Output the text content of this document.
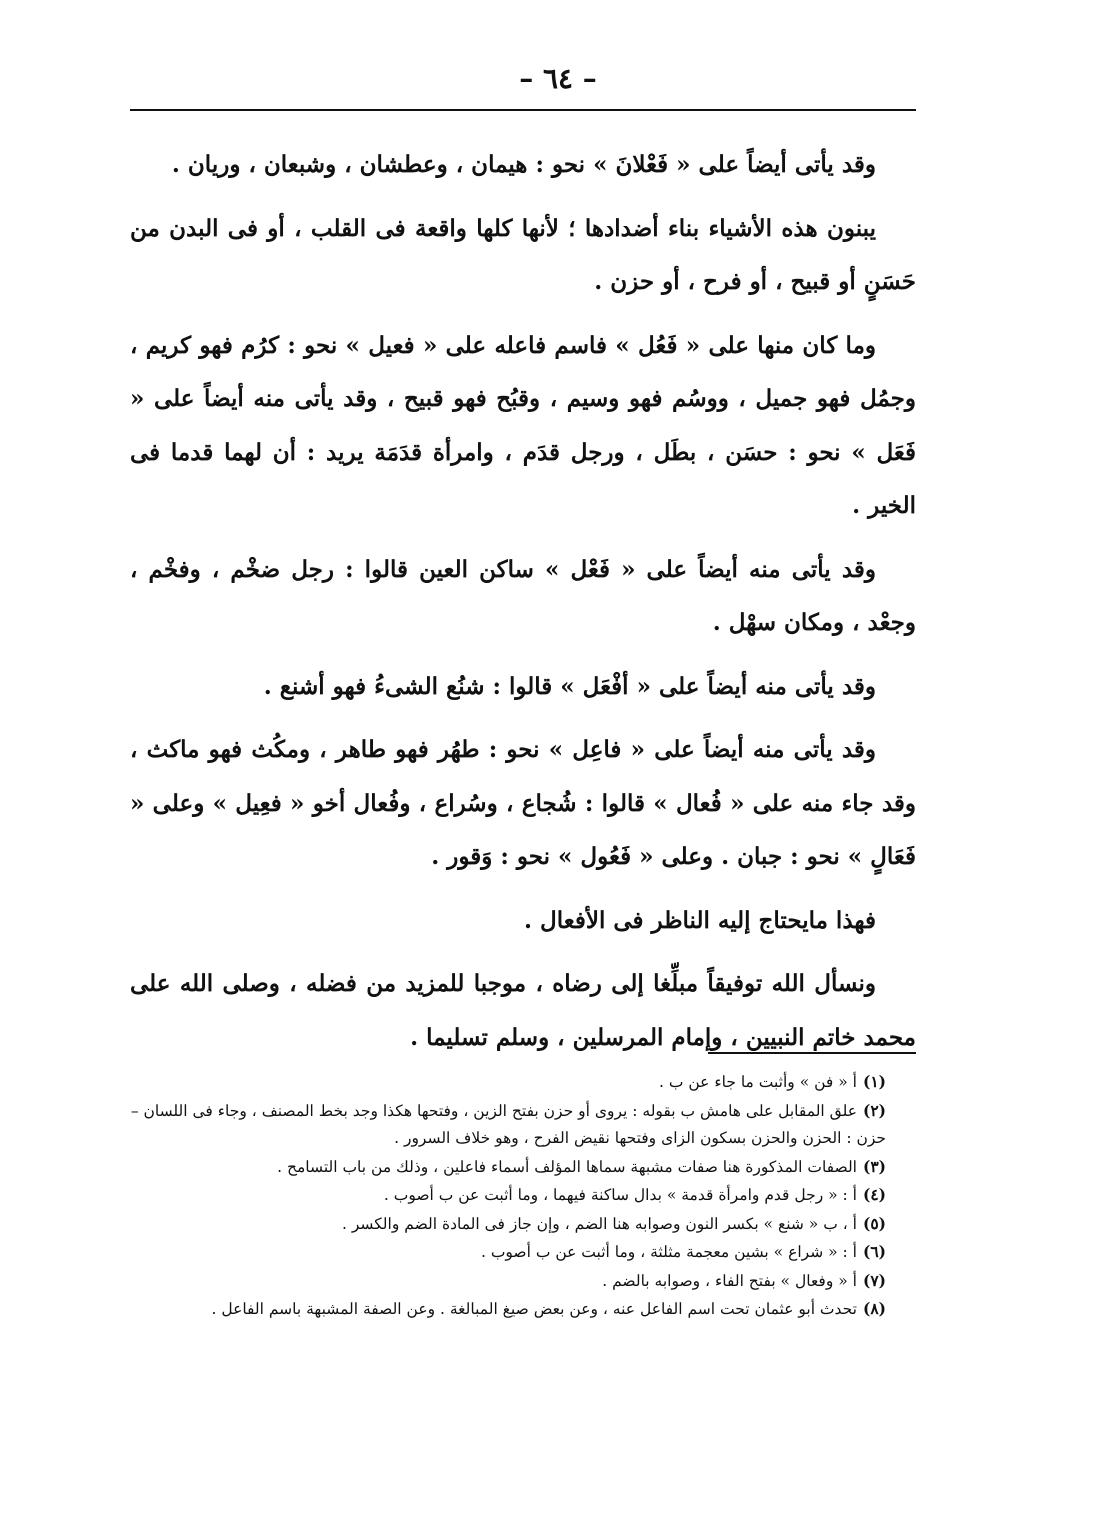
– ٦٤ –

وقد يأتى أيضاً على « فَعْلانَ » نحو : هيمان ، وعطشان ، وشبعان ، وريان .

يبنون هذه الأشياء بناء أضدادها ؛ لأنها كلها واقعة فى القلب ، أو فى البدن من حَسَنٍ أو قبيح ، أو فرح ، أو حزن .

وما كان منها على « فَعُل » فاسم فاعله على « فعيل » نحو : كرُم فهو كريم ، وجمُل فهو جميل ، ووسُم فهو وسيم ، وقبُح فهو قبيح ، وقد يأتى منه أيضاً على « فَعَل » نحو : حسَن ، بطَل ، ورجل قدَم ، وامرأة قدَمَة يريد : أن لهما قدما فى الخير .

وقد يأتى منه أيضاً على « فَعْل » ساكن العين قالوا : رجل ضخْم ، وفخْم ، وجعْد ، ومكان سهْل .

وقد يأتى منه أيضاً على « أفْعَل » قالوا : شنُع الشىءُ فهو أشنع .

وقد يأتى منه أيضاً على « فاعِل » نحو : طهُر فهو طاهر ، ومكُث فهو ماكث ، وقد جاء منه على « فُعال » قالوا : شُجاع ، وسُراع ، وفُعال أخو « فعِيل » وعلى « فَعَالٍ » نحو : جبان . وعلى « فَعُول » نحو : وَقور .

فهذا مايحتاج إليه الناظر فى الأفعال .

ونسأل الله توفيقاً مبلِّغا إلى رضاه ، موجبا للمزيد من فضله ، وصلى الله على محمد خاتم النبيين ، وإمام المرسلين ، وسلم تسليما .

(١)أ « فن » وأثبت ما جاء عن ب .

(٢)علق المقابل على هامش ب بقوله : يروى أو حزن بفتح الزين ، وفتحها هكذا وجد بخط المصنف ، وجاء فى اللسان – حزن : الحزن والحزن بسكون الزاى وفتحها نقيض الفرح ، وهو خلاف السرور .

(٣)الصفات المذكورة هنا صفات مشبهة سماها المؤلف أسماء فاعلين ، وذلك من باب التسامح .

(٤)أ : « رجل قدم وامرأة قدمة » بدال ساكنة فيهما ، وما أثبت عن ب أصوب .

(٥)أ ، ب « شنع » بكسر النون وصوابه هنا الضم ، وإن جاز فى المادة الضم والكسر .

(٦)أ : « شراع » بشين معجمة مثلثة ، وما أثبت عن ب أصوب .

(٧)أ « وفعال » بفتح الفاء ، وصوابه بالضم .

(٨)تحدث أبو عثمان تحت اسم الفاعل عنه ، وعن بعض صيغ المبالغة . وعن الصفة المشبهة باسم الفاعل .
